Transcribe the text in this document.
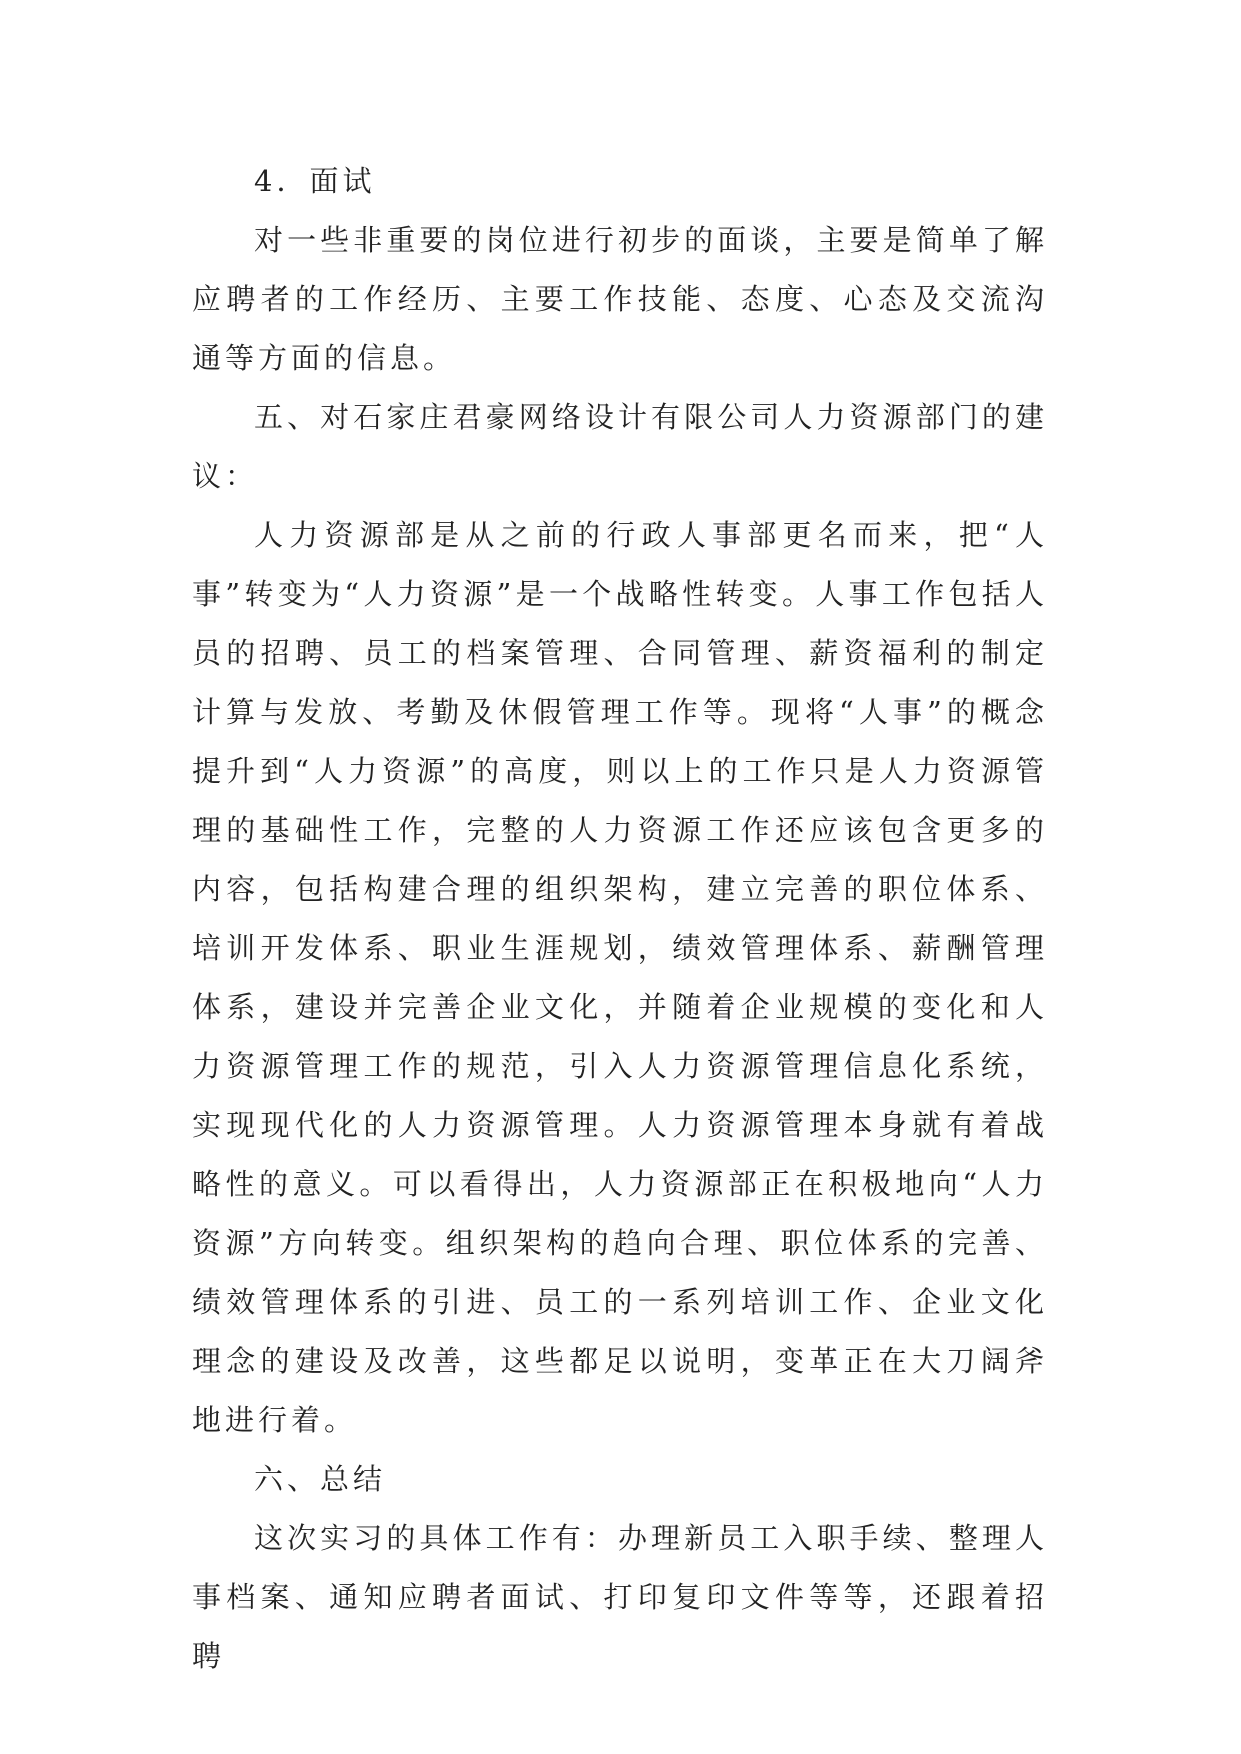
4．面试

对一些非重要的岗位进行初步的面谈，主要是简单了解应聘者的工作经历、主要工作技能、态度、心态及交流沟通等方面的信息。

五、对石家庄君豪网络设计有限公司人力资源部门的建议：

人力资源部是从之前的行政人事部更名而来，把“人事”转变为“人力资源”是一个战略性转变。人事工作包括人员的招聘、员工的档案管理、合同管理、薪资福利的制定计算与发放、考勤及休假管理工作等。现将“人事”的概念提升到“人力资源”的高度，则以上的工作只是人力资源管理的基础性工作，完整的人力资源工作还应该包含更多的内容，包括构建合理的组织架构，建立完善的职位体系、培训开发体系、职业生涯规划，绩效管理体系、薪酬管理体系，建设并完善企业文化，并随着企业规模的变化和人力资源管理工作的规范，引入人力资源管理信息化系统，实现现代化的人力资源管理。人力资源管理本身就有着战略性的意义。可以看得出，人力资源部正在积极地向“人力资源”方向转变。组织架构的趋向合理、职位体系的完善、绩效管理体系的引进、员工的一系列培训工作、企业文化理念的建设及改善，这些都足以说明，变革正在大刀阔斧地进行着。

六、总结

这次实习的具体工作有：办理新员工入职手续、整理人事档案、通知应聘者面试、打印复印文件等等，还跟着招聘
